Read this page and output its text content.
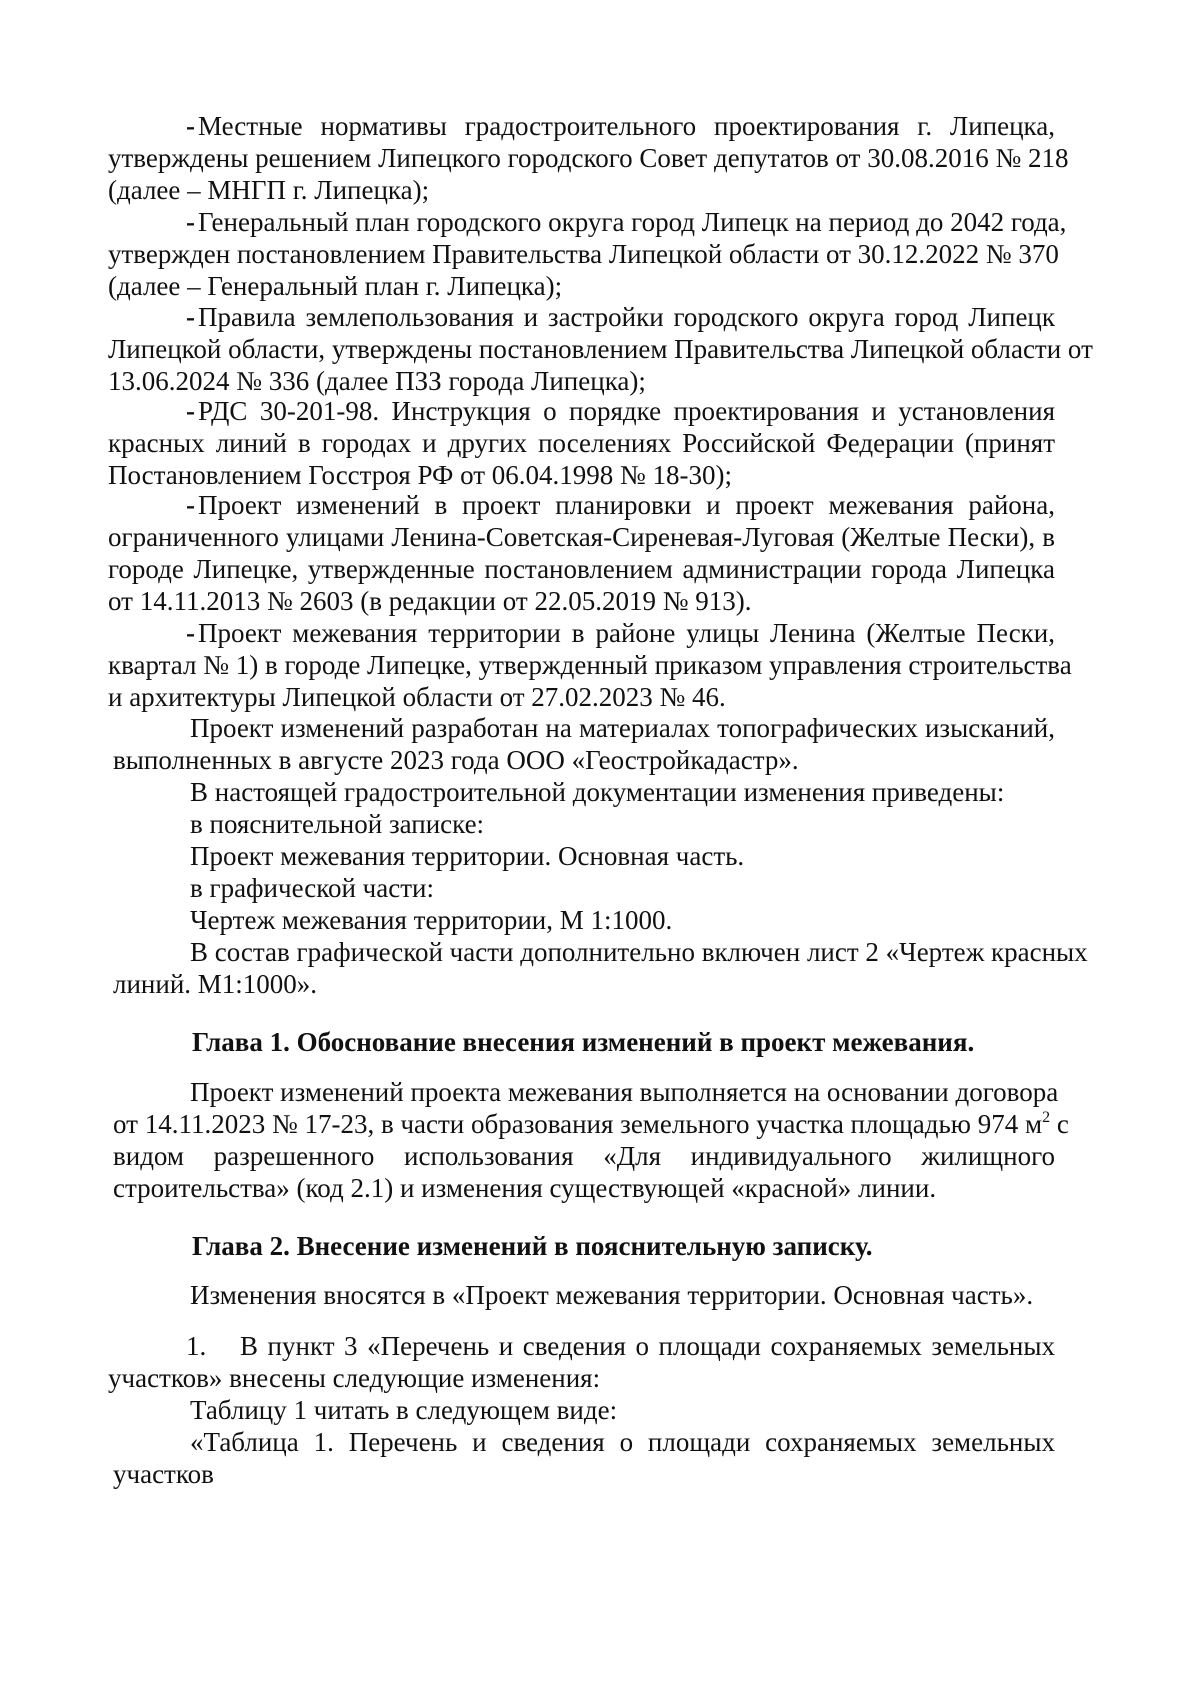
- Местные нормативы градостроительного проектирования г. Липецка,
утверждены решением Липецкого городского Совет депутатов от 30.08.2016 № 218
(далее – МНГП г. Липецка);
- Генеральный план городского округа город Липецк на период до 2042 года,
утвержден постановлением Правительства Липецкой области от 30.12.2022 № 370
(далее – Генеральный план г. Липецка);
- Правила землепользования и застройки городского округа город Липецк
Липецкой области, утверждены постановлением Правительства Липецкой области от
13.06.2024 № 336 (далее ПЗЗ города Липецка);
- РДС 30-201-98. Инструкция о порядке проектирования и установления
красных линий в городах и других поселениях Российской Федерации (принят
Постановлением Госстроя РФ от 06.04.1998 № 18-30);
- Проект изменений в проект планировки и проект межевания района,
ограниченного улицами Ленина-Советская-Сиреневая-Луговая (Желтые Пески), в
городе Липецке, утвержденные постановлением администрации города Липецка
от 14.11.2013 № 2603 (в редакции от 22.05.2019 № 913).
- Проект межевания территории в районе улицы Ленина (Желтые Пески,
квартал № 1) в городе Липецке, утвержденный приказом управления строительства
и архитектуры Липецкой области от 27.02.2023 № 46.
Проект изменений разработан на материалах топографических изысканий,
выполненных в августе 2023 года ООО «Геостройкадастр».
В настоящей градостроительной документации изменения приведены:
в пояснительной записке:
Проект межевания территории. Основная часть.
в графической части:
Чертеж межевания территории, М 1:1000.
В состав графической части дополнительно включен лист 2 «Чертеж красных
линий. М1:1000».
Глава 1. Обоснование внесения изменений в проект межевания.
Проект изменений проекта межевания выполняется на основании договора
от 14.11.2023 № 17-23, в части образования земельного участка площадью 974 $м^2$ с
видом разрешенного использования «Для индивидуального жилищного
строительства» (код 2.1) и изменения существующей «красной» линии.
Глава 2. Внесение изменений в пояснительную записку.
Изменения вносятся в «Проект межевания территории. Основная часть».
1. В пункт 3 «Перечень и сведения о площади сохраняемых земельных
участков» внесены следующие изменения:
Таблицу 1 читать в следующем виде:
«Таблица 1. Перечень и сведения о площади сохраняемых земельных
участков
